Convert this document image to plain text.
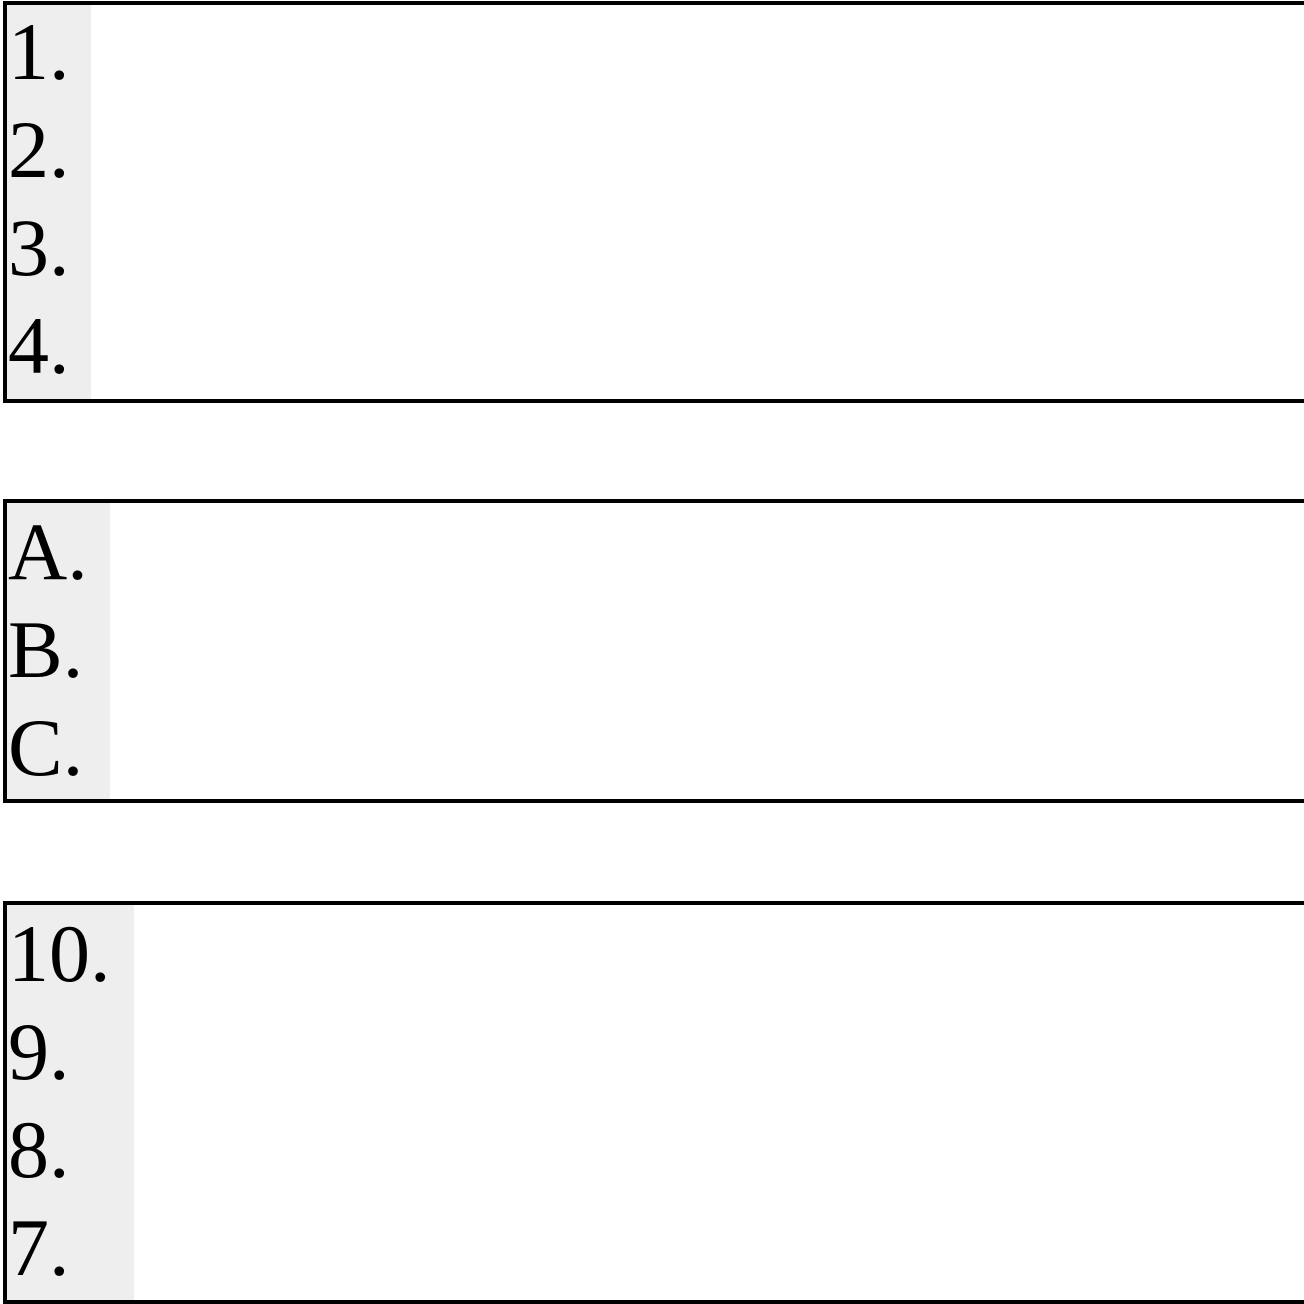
1.
2.
3.
4.
A.
B.
C.
10.
9.
8.
7.
